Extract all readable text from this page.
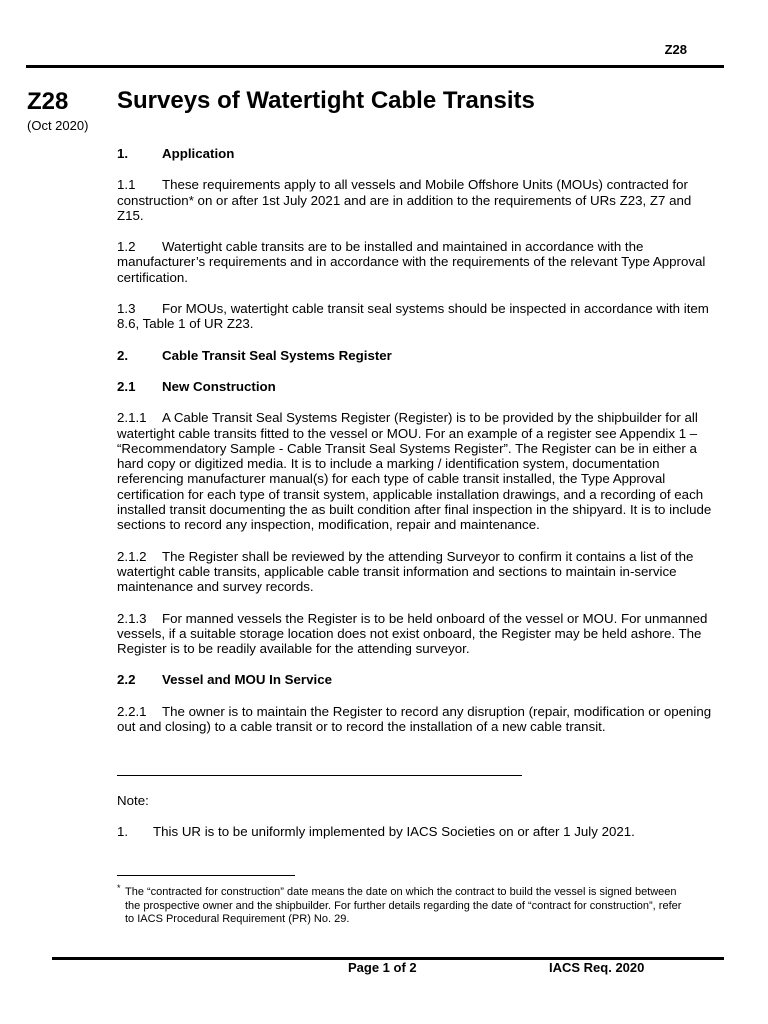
Z28
Z28
(Oct 2020)
Surveys of Watertight Cable Transits
1.	Application

1.1 These requirements apply to all vessels and Mobile Offshore Units (MOUs) contracted for construction* on or after 1st July 2021 and are in addition to the requirements of URs Z23, Z7 and Z15.

1.2 Watertight cable transits are to be installed and maintained in accordance with the manufacturer’s requirements and in accordance with the requirements of the relevant Type Approval certification.

1.3 For MOUs, watertight cable transit seal systems should be inspected in accordance with item 8.6, Table 1 of UR Z23.

2.	Cable Transit Seal Systems Register
2.1	New Construction

2.1.1 A Cable Transit Seal Systems Register (Register) is to be provided by the shipbuilder for all watertight cable transits fitted to the vessel or MOU. For an example of a register see Appendix 1 – “Recommendatory Sample - Cable Transit Seal Systems Register”. The Register can be in either a hard copy or digitized media. It is to include a marking / identification system, documentation referencing manufacturer manual(s) for each type of cable transit installed, the Type Approval certification for each type of transit system, applicable installation drawings, and a recording of each installed transit documenting the as built condition after final inspection in the shipyard. It is to include sections to record any inspection, modification, repair and maintenance.

2.1.2 The Register shall be reviewed by the attending Surveyor to confirm it contains a list of the watertight cable transits, applicable cable transit information and sections to maintain in-service maintenance and survey records.

2.1.3 For manned vessels the Register is to be held onboard of the vessel or MOU. For unmanned vessels, if a suitable storage location does not exist onboard, the Register may be held ashore. The Register is to be readily available for the attending surveyor.

2.2	Vessel and MOU In Service

2.2.1 The owner is to maintain the Register to record any disruption (repair, modification or opening out and closing) to a cable transit or to record the installation of a new cable transit.

Note:
1. This UR is to be uniformly implemented by IACS Societies on or after 1 July 2021.
* The “contracted for construction” date means the date on which the contract to build the vessel is signed between the prospective owner and the shipbuilder. For further details regarding the date of “contract for construction”, refer to IACS Procedural Requirement (PR) No. 29.
Page 1 of 2	IACS Req. 2020
